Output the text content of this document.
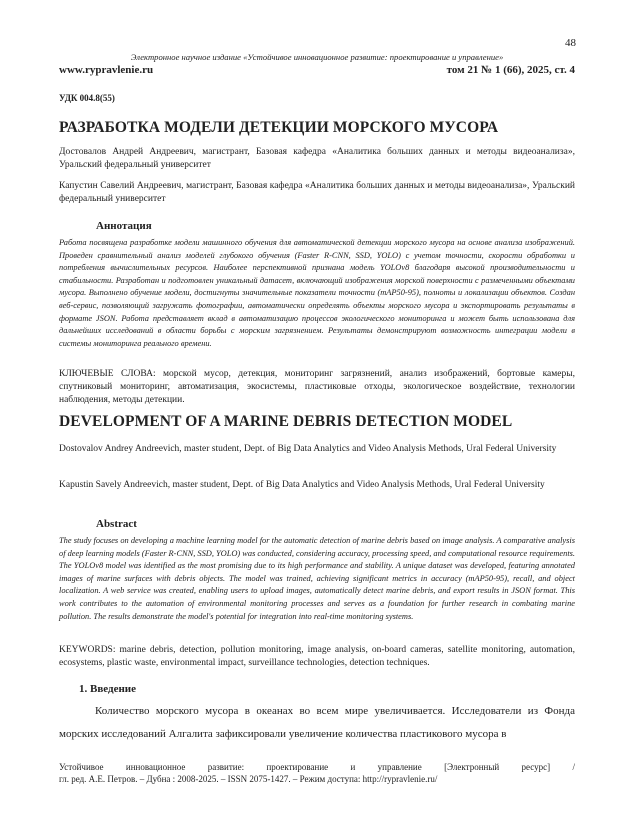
48
Электронное научное издание «Устойчивое инновационное развитие: проектирование и управление»
www.rypravlenie.ru	том 21 № 1 (66), 2025, ст. 4
УДК 004.8(55)
РАЗРАБОТКА МОДЕЛИ ДЕТЕКЦИИ МОРСКОГО МУСОРА
Достовалов Андрей Андреевич, магистрант, Базовая кафедра «Аналитика больших данных и методы видеоанализа», Уральский федеральный университет
Капустин Савелий Андреевич, магистрант, Базовая кафедра «Аналитика больших данных и методы видеоанализа», Уральский федеральный университет
Аннотация
Работа посвящена разработке модели машинного обучения для автоматической детекции морского мусора на основе анализа изображений. Проведен сравнительный анализ моделей глубокого обучения (Faster R-CNN, SSD, YOLO) с учетом точности, скорости обработки и потребления вычислительных ресурсов. Наиболее перспективной признана модель YOLOv8 благодаря высокой производительности и стабильности. Разработан и подготовлен уникальный датасет, включающий изображения морской поверхности с размеченными объектами мусора. Выполнено обучение модели, достигнуты значительные показатели точности (mAP50-95), полноты и локализации объектов. Создан веб-сервис, позволяющий загружать фотографии, автоматически определять объекты морского мусора и экспортировать результаты в формате JSON. Работа представляет вклад в автоматизацию процессов экологического мониторинга и может быть использована для дальнейших исследований в области борьбы с морским загрязнением. Результаты демонстрируют возможность интеграции модели в системы мониторинга реального времени.
КЛЮЧЕВЫЕ СЛОВА: морской мусор, детекция, мониторинг загрязнений, анализ изображений, бортовые камеры, спутниковый мониторинг, автоматизация, экосистемы, пластиковые отходы, экологическое воздействие, технологии наблюдения, методы детекции.
DEVELOPMENT OF A MARINE DEBRIS DETECTION MODEL
Dostovalov Andrey Andreevich, master student, Dept. of Big Data Analytics and Video Analysis Methods, Ural Federal University
Kapustin Savely Andreevich, master student, Dept. of Big Data Analytics and Video Analysis Methods, Ural Federal University
Abstract
The study focuses on developing a machine learning model for the automatic detection of marine debris based on image analysis. A comparative analysis of deep learning models (Faster R-CNN, SSD, YOLO) was conducted, considering accuracy, processing speed, and computational resource requirements. The YOLOv8 model was identified as the most promising due to its high performance and stability. A unique dataset was developed, featuring annotated images of marine surfaces with debris objects. The model was trained, achieving significant metrics in accuracy (mAP50-95), recall, and object localization. A web service was created, enabling users to upload images, automatically detect marine debris, and export results in JSON format. This work contributes to the automation of environmental monitoring processes and serves as a foundation for further research in combating marine pollution. The results demonstrate the model's potential for integration into real-time monitoring systems.
KEYWORDS: marine debris, detection, pollution monitoring, image analysis, on-board cameras, satellite monitoring, automation, ecosystems, plastic waste, environmental impact, surveillance technologies, detection techniques.
1. Введение
Количество морского мусора в океанах во всем мире увеличивается. Исследователи из Фонда морских исследований Алгалита зафиксировали увеличение количества пластикового мусора в
Устойчивое инновационное развитие: проектирование и управление [Электронный ресурс] /
гл. ред. А.Е. Петров. – Дубна : 2008-2025. – ISSN 2075-1427. – Режим доступа: http://rypravlenie.ru/
